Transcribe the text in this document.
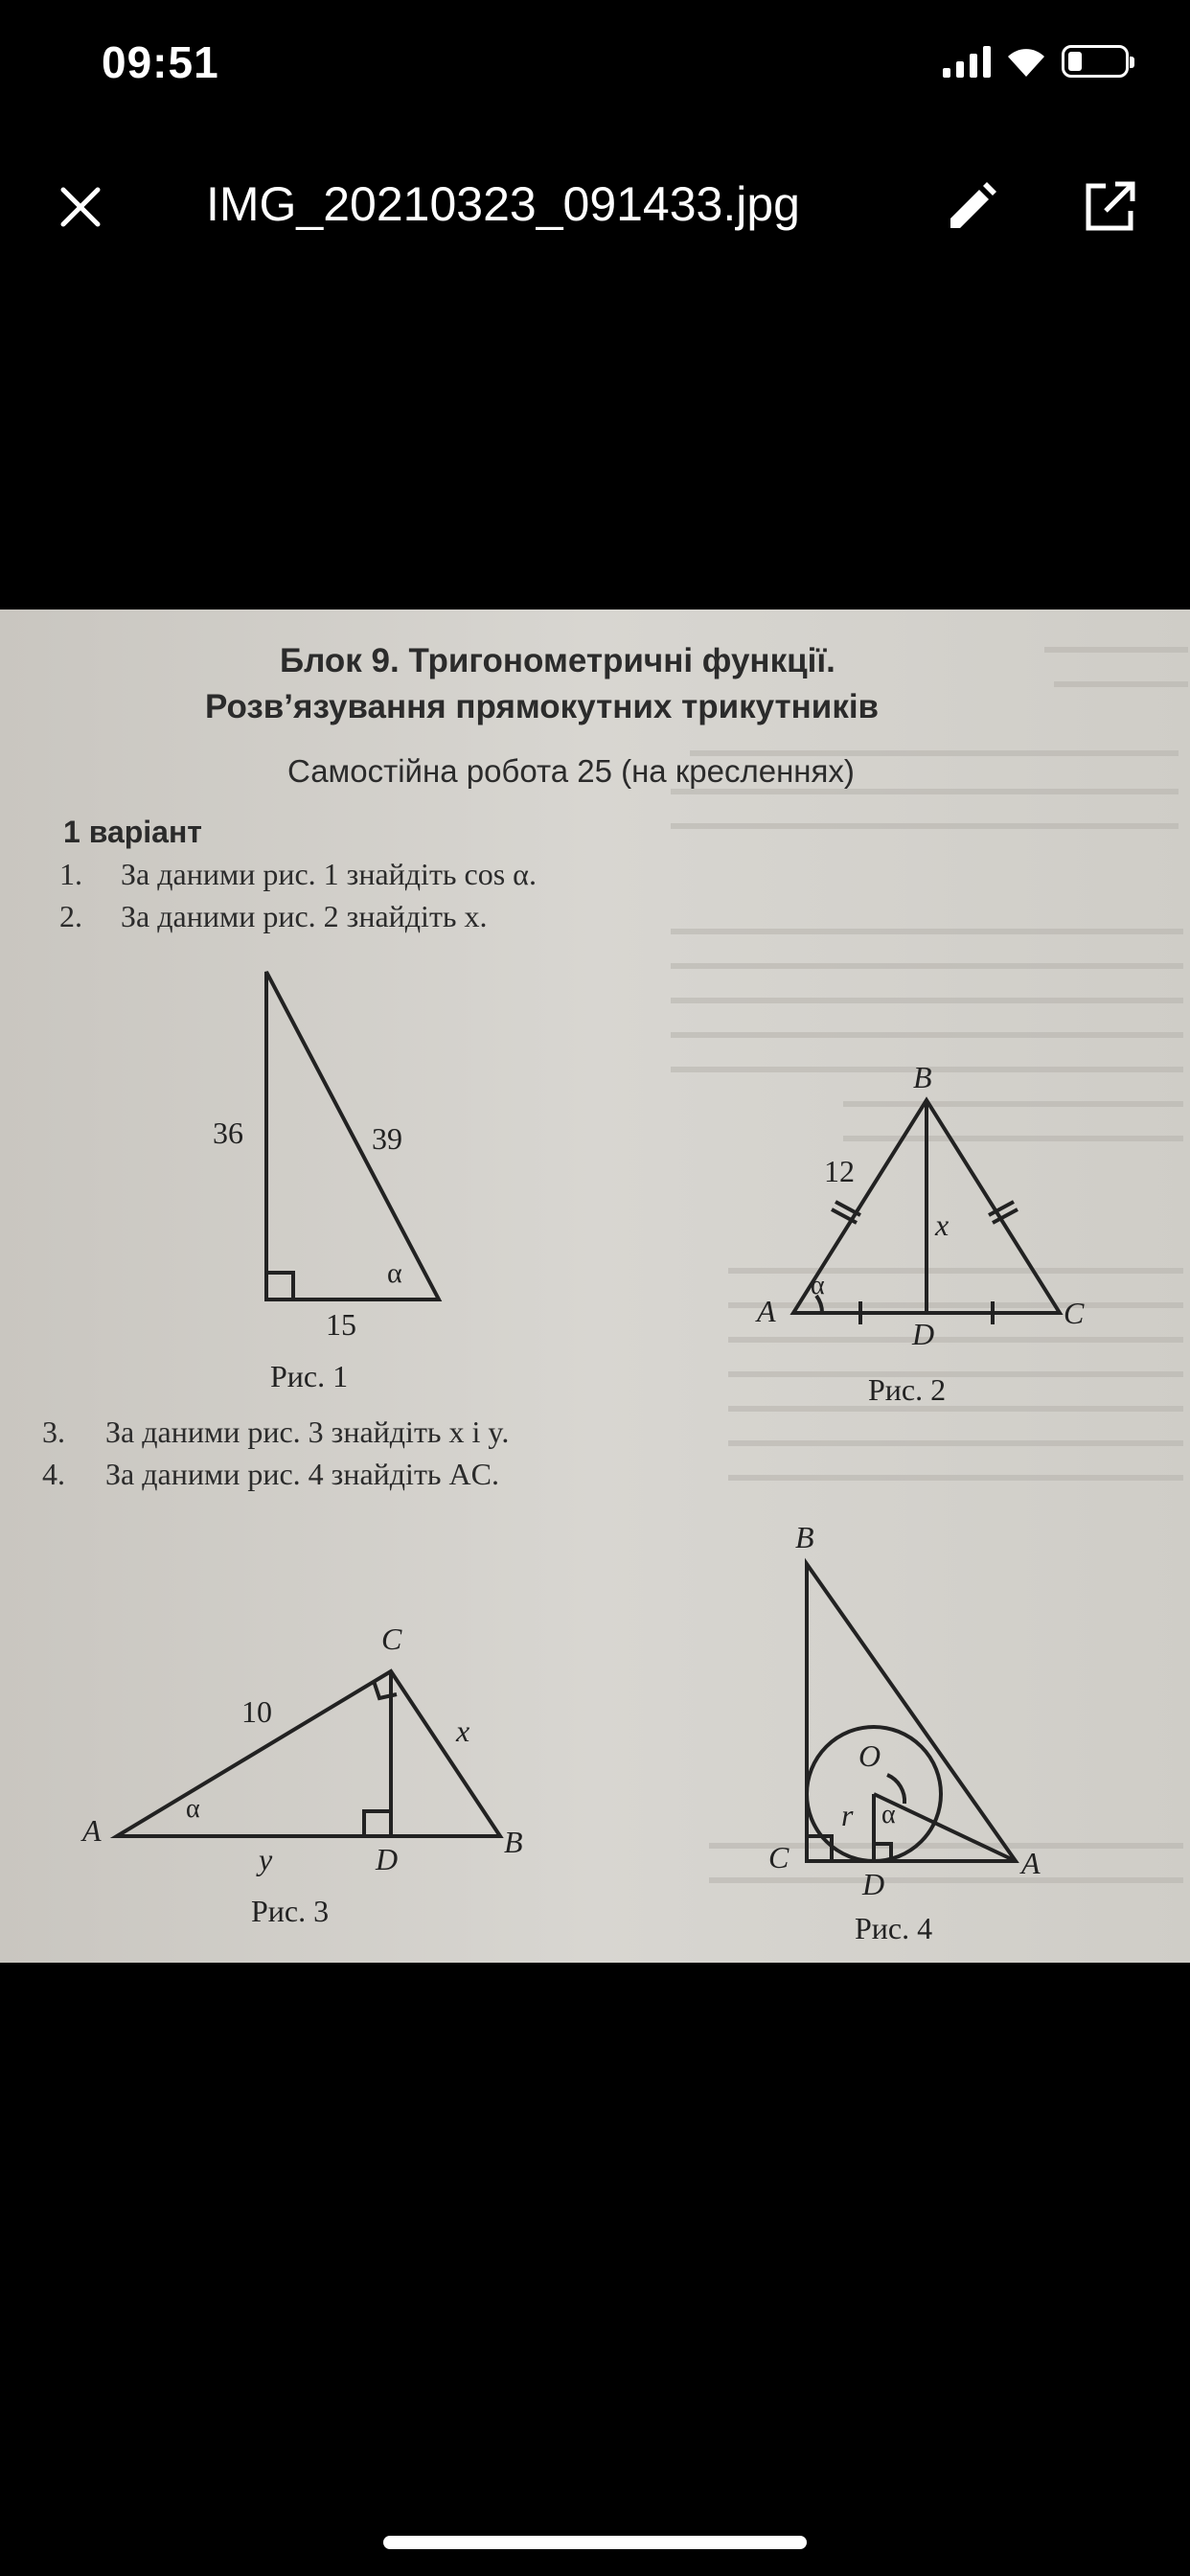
09:51
IMG_20210323_091433.jpg
Блок 9. Тригонометричні функції.
Розв’язування прямокутних трикутників
Самостійна робота 25 (на кресленнях)
1 варіант
1. За даними рис. 1 знайдіть cos α.
2. За даними рис. 2 знайдіть x.
36	39
15
α
Рис. 1
B
12
x
α
A
D
C
Рис. 2
3. За даними рис. 3 знайдіть x і y.
4. За даними рис. 4 знайдіть AC.
C
10
x
α
A
y	D	B
Рис. 3
B
O
r α
C
D
A
Рис. 4
